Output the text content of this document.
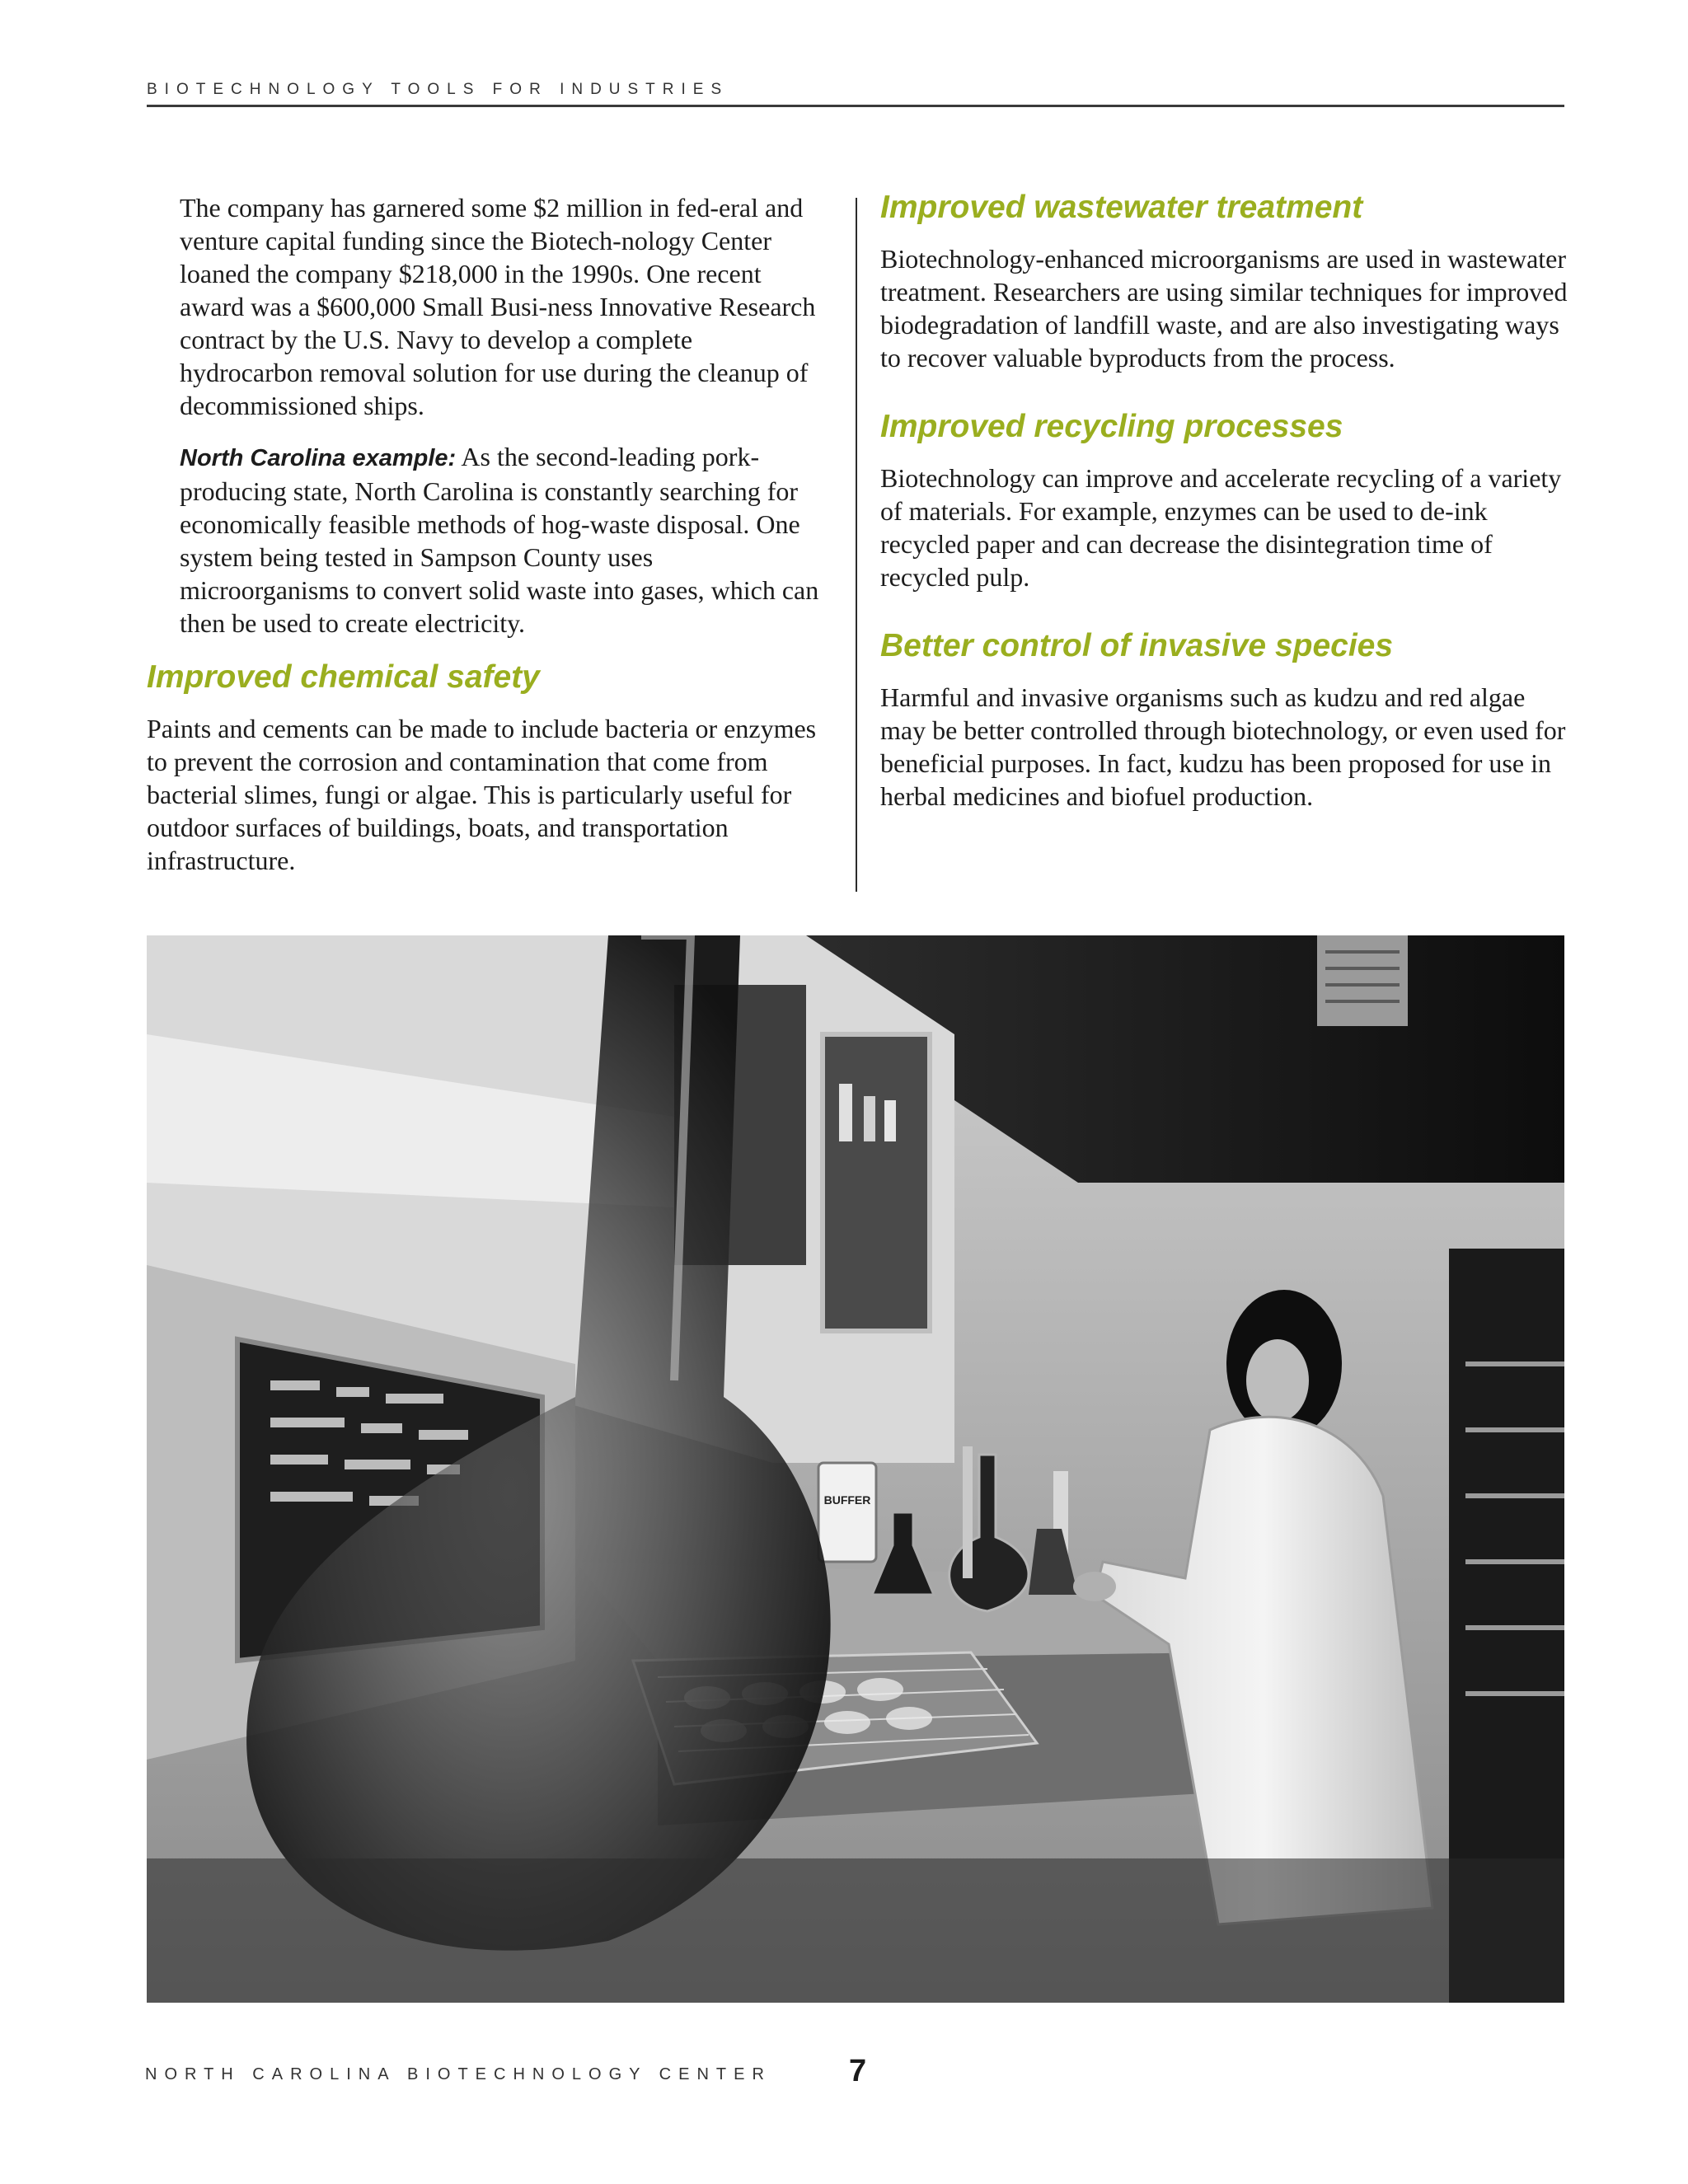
BIOTECHNOLOGY TOOLS FOR INDUSTRIES

The company has garnered some $2 million in fed-eral and venture capital funding since the Biotech-nology Center loaned the company $218,000 in the 1990s. One recent award was a $600,000 Small Busi-ness Innovative Research contract by the U.S. Navy to develop a complete hydrocarbon removal solution for use during the cleanup of decommissioned ships.

North Carolina example: As the second-leading pork-producing state, North Carolina is constantly searching for economically feasible methods of hog-waste disposal. One system being tested in Sampson County uses microorganisms to convert solid waste into gases, which can then be used to create electricity.

Improved chemical safety

Paints and cements can be made to include bacteria or enzymes to prevent the corrosion and contamination that come from bacterial slimes, fungi or algae. This is particularly useful for outdoor surfaces of buildings, boats, and transportation infrastructure.

Improved wastewater treatment

Biotechnology-enhanced microorganisms are used in wastewater treatment. Researchers are using similar techniques for improved biodegradation of landfill waste, and are also investigating ways to recover valuable byproducts from the process.

Improved recycling processes

Biotechnology can improve and accelerate recycling of a variety of materials. For example, enzymes can be used to de-ink recycled paper and can decrease the disintegration time of recycled pulp.

Better control of invasive species

Harmful and invasive organisms such as kudzu and red algae may be better controlled through biotechnology, or even used for beneficial purposes. In fact, kudzu has been proposed for use in herbal medicines and biofuel production.

BUFFER
NORTH CAROLINA BIOTECHNOLOGY CENTER 7
